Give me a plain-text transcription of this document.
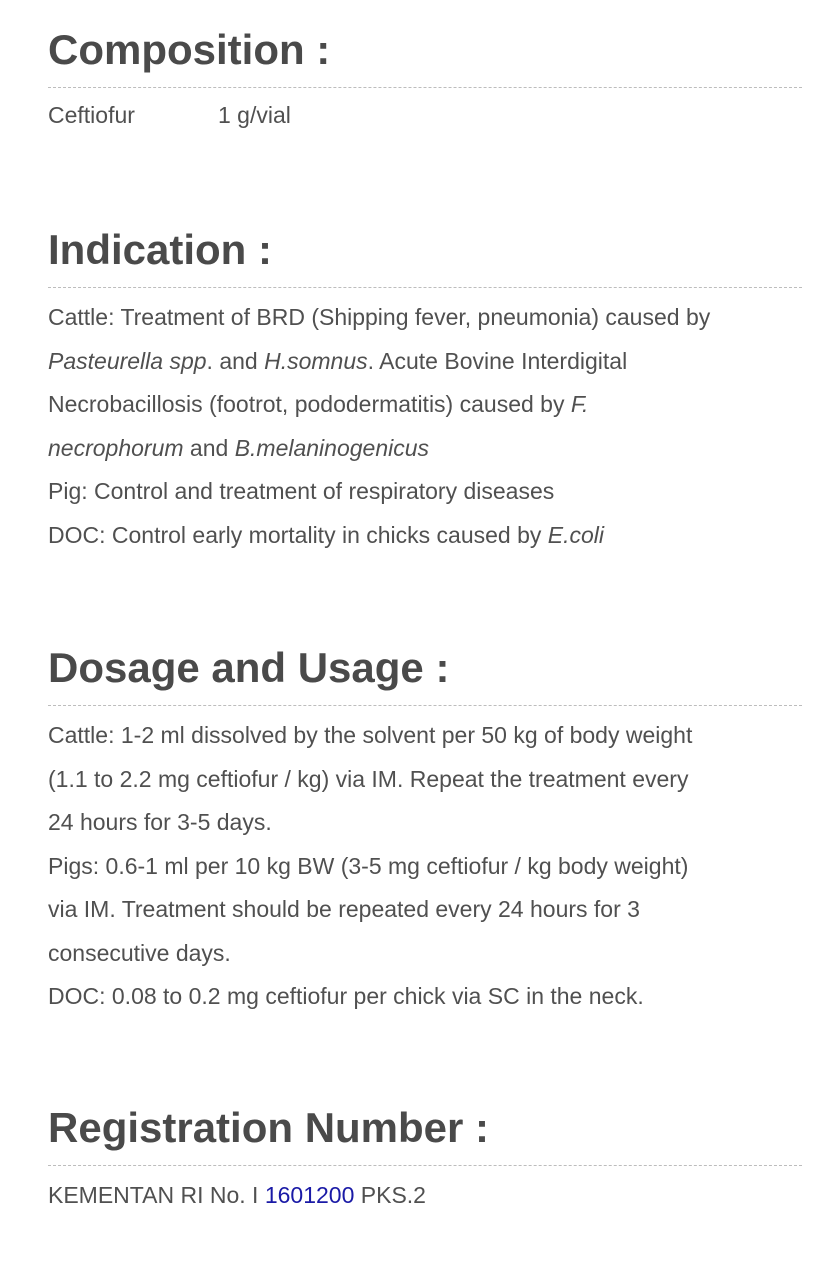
Composition :
Ceftiofur	1 g/vial
Indication :
Cattle: Treatment of BRD (Shipping fever, pneumonia) caused by
Pasteurella spp. and H.somnus. Acute Bovine Interdigital
Necrobacillosis (footrot, pododermatitis) caused by F.
necrophorum and B.melaninogenicus
Pig: Control and treatment of respiratory diseases
DOC: Control early mortality in chicks caused by E.coli
Dosage and Usage :
Cattle: 1-2 ml dissolved by the solvent per 50 kg of body weight
(1.1 to 2.2 mg ceftiofur / kg) via IM. Repeat the treatment every
24 hours for 3-5 days.
Pigs: 0.6-1 ml per 10 kg BW (3-5 mg ceftiofur / kg body weight)
via IM. Treatment should be repeated every 24 hours for 3
consecutive days.
DOC: 0.08 to 0.2 mg ceftiofur per chick via SC in the neck.
Registration Number :
KEMENTAN RI No. I 1601200 PKS.2
